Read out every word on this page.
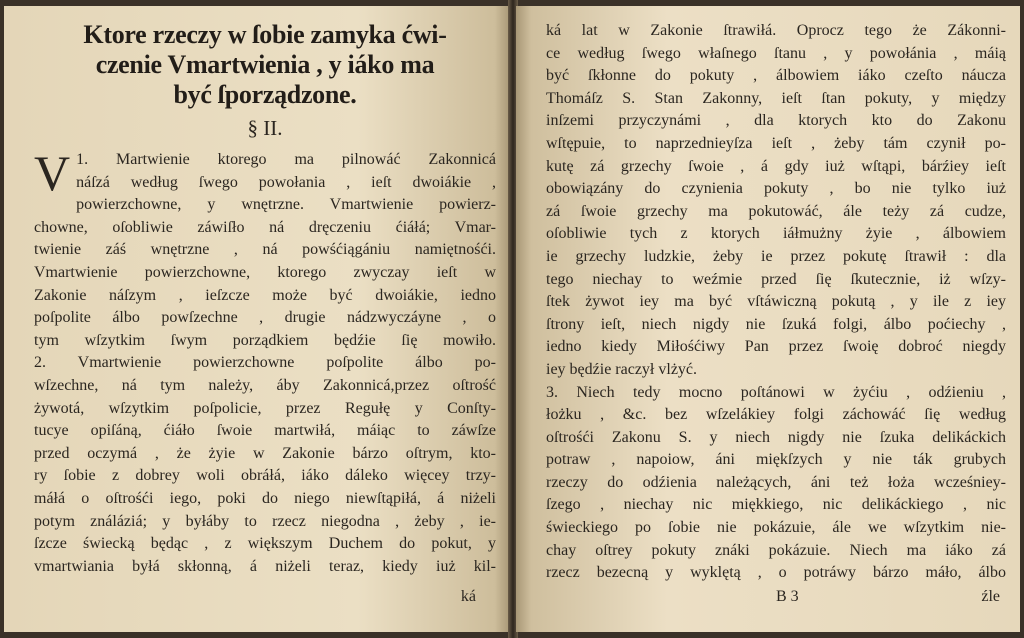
Ktore rzeczy w ſobie zamyka ćwi-
czenie Vmartwienia , y iáko ma
być ſporządzone.
§ II.
V 1. Martwienie ktorego ma pilnowáć Zakonnicá
náſzá według ſwego powołania , ieſt dwoiákie ,
powierzchowne, y wnętrzne. Vmartwienie powierz-
chowne, oſobliwie záwiſło ná dręczeniu ćiáłá; Vmar-
twienie záś wnętrzne , ná powśćiągániu namiętnośći.
Vmartwienie powierzchowne, ktorego zwyczay ieſt w
Zakonie náſzym , ieſzcze może być dwoiákie, iedno
poſpolite álbo powſzechne , drugie nádzwyczáyne , o
tym wſzytkim ſwym porządkiem będźie ſię mowiło.
2. Vmartwienie powierzchowne poſpolite álbo po-
wſzechne, ná tym należy, áby Zakonnicá,przez oſtrość
żywotá, wſzytkim poſpolicie, przez Regułę y Conſty-
tucye opiſáną, ćiáło ſwoie martwiłá, máiąc to záwſze
przed oczymá , że żyie w Zakonie bárzo oſtrym, kto-
ry ſobie z dobrey woli obráłá, iáko dáleko więcey trzy-
máłá o oſtrośći iego, poki do niego niewſtąpiłá, á niżeli
potym ználáziá; y byłáby to rzecz niegodna , żeby , ie-
ſzcze świecką będąc , z większym Duchem do pokut, y
vmartwiania byłá skłonną, á niżeli teraz, kiedy iuż kil-
ká
ká lat w Zakonie ſtrawiłá. Oprocz tego że Zákonni-
ce według ſwego właſnego ſtanu , y powołánia , máią
być ſkłonne do pokuty , álbowiem iáko czeſto náucza
Thomáſz S. Stan Zakonny, ieſt ſtan pokuty, y między
inſzemi przyczynámi , dla ktorych kto do Zakonu
wſtępuie, to naprzednieyſza ieſt , żeby tám czynił po-
kutę zá grzechy ſwoie , á gdy iuż wſtąpi, bárźiey ieſt
obowiązány do czynienia pokuty , bo nie tylko iuż
zá ſwoie grzechy ma pokutowáć, ále teży zá cudze,
oſobliwie tych z ktorych iáłmużny żyie , álbowiem
ie grzechy ludzkie, żeby ie przez pokutę ſtrawił : dla
tego niechay to weźmie przed ſię ſkutecznie, iż wſzy-
ſtek żywot iey ma być vſtáwiczną pokutą , y ile z iey
ſtrony ieſt, niech nigdy nie ſzuká folgi, álbo poćiechy ,
iedno kiedy Miłośćiwy Pan przez ſwoię dobroć niegdy
iey będźie raczył vlżyć.
3. Niech tedy mocno poſtánowi w żyćiu , odźieniu ,
łożku , &c. bez wſzelákiey folgi záchowáć ſię według
oſtrośći Zakonu S. y niech nigdy nie ſzuka delikáckich
potraw , napoiow, áni miękſzych y nie ták grubych
rzeczy do odźienia należących, áni też łoża wcześniey-
ſzego , niechay nic miękkiego, nic delikáckiego , nic
świeckiego po ſobie nie pokázuie, ále we wſzytkim nie-
chay oſtrey pokuty znáki pokázuie. Niech ma iáko zá
rzecz bezecną y wyklętą , o potráwy bárzo máło, álbo
B 3	źle
